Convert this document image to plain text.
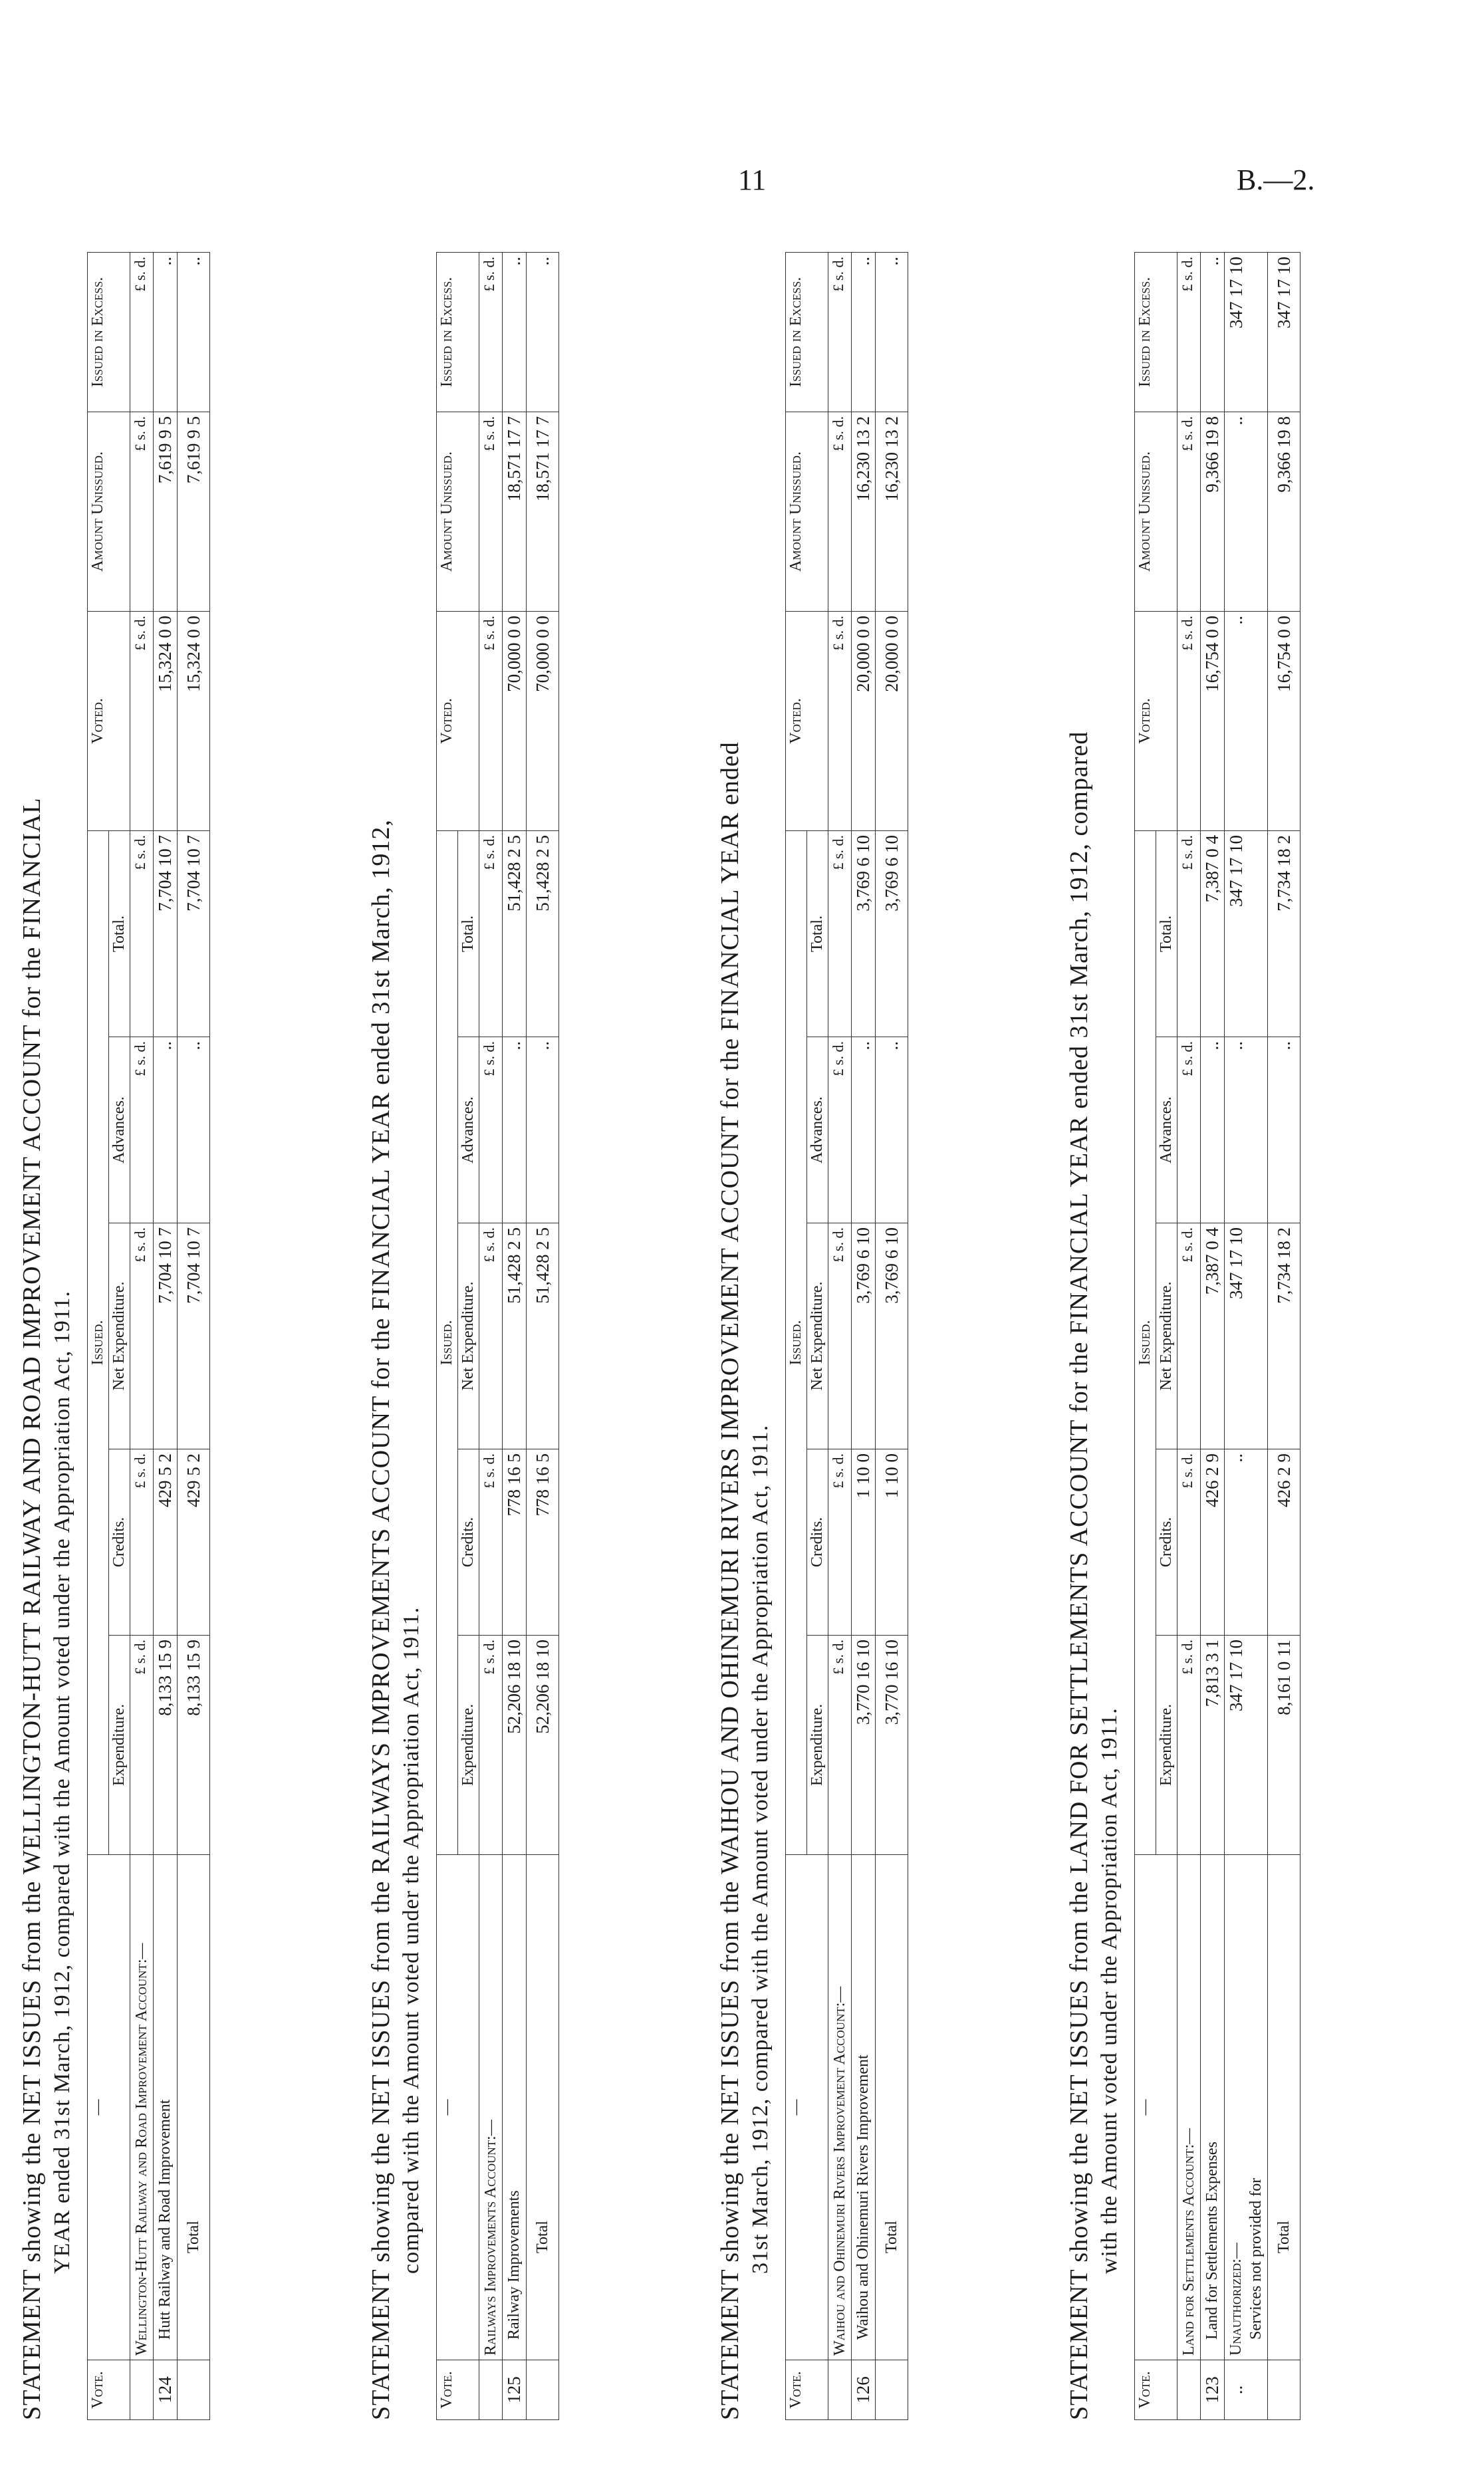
11	B.—2.
STATEMENT showing the NET ISSUES from the WELLINGTON-HUTT RAILWAY AND ROAD IMPROVEMENT ACCOUNT for the FINANCIAL YEAR ended 31st March, 1912, compared with the Amount voted under the Appropriation Act, 1911.
Vote.	—	Issued.					Voted.	Amount Unissued.	Issued in Excess.
		Expenditure.	Credits.	Net Expenditure.	Advances.	Total.			
	Wellington-Hutt Railway and Road Improvement Account:—	£ s. d.	£ s. d.	£ s. d.	£ s. d.	£ s. d.	£ s. d.	£ s. d.	£ s. d.
124	Hutt Railway and Road Improvement	8,133 15 9	429 5 2	7,704 10 7	..	7,704 10 7	15,324 0 0	7,619 9 5	..
	Total	8,133 15 9	429 5 2	7,704 10 7	..	7,704 10 7	15,324 0 0	7,619 9 5	..
STATEMENT showing the NET ISSUES from the RAILWAYS IMPROVEMENTS ACCOUNT for the FINANCIAL YEAR ended 31st March, 1912, compared with the Amount voted under the Appropriation Act, 1911.
Vote.	—	Issued.					Voted.	Amount Unissued.	Issued in Excess.
		Expenditure.	Credits.	Net Expenditure.	Advances.	Total.			
	Railways Improvements Account:—	£ s. d.	£ s. d.	£ s. d.	£ s. d.	£ s. d.	£ s. d.	£ s. d.	£ s. d.
125	Railway Improvements	52,206 18 10	778 16 5	51,428 2 5	..	51,428 2 5	70,000 0 0	18,571 17 7	..
	Total	52,206 18 10	778 16 5	51,428 2 5	..	51,428 2 5	70,000 0 0	18,571 17 7	..
STATEMENT showing the NET ISSUES from the WAIHOU AND OHINEMURI RIVERS IMPROVEMENT ACCOUNT for the FINANCIAL YEAR ended 31st March, 1912, compared with the Amount voted under the Appropriation Act, 1911.
Vote.	—	Issued.					Voted.	Amount Unissued.	Issued in Excess.
		Expenditure.	Credits.	Net Expenditure.	Advances.	Total.			
	Waihou and Ohinemuri Rivers Improvement Account:—	£ s. d.	£ s. d.	£ s. d.	£ s. d.	£ s. d.	£ s. d.	£ s. d.	£ s. d.
126	Waihou and Ohinemuri Rivers Improvement	3,770 16 10	1 10 0	3,769 6 10	..	3,769 6 10	20,000 0 0	16,230 13 2	..
	Total	3,770 16 10	1 10 0	3,769 6 10	..	3,769 6 10	20,000 0 0	16,230 13 2	..
STATEMENT showing the NET ISSUES from the LAND FOR SETTLEMENTS ACCOUNT for the FINANCIAL YEAR ended 31st March, 1912, compared with the Amount voted under the Appropriation Act, 1911.
Vote.	—	Issued.					Voted.	Amount Unissued.	Issued in Excess.
		Expenditure.	Credits.	Net Expenditure.	Advances.	Total.			
	Land for Settlements Account:—	£ s. d.	£ s. d.	£ s. d.	£ s. d.	£ s. d.	£ s. d.	£ s. d.	£ s. d.
123	Land for Settlements Expenses	7,813 3 1	426 2 9	7,387 0 4	..	7,387 0 4	16,754 0 0	9,366 19 8	..
..	Unauthorized:— Services not provided for	347 17 10	..	347 17 10	..	347 17 10	..	..	347 17 10
	Total	8,161 0 11	426 2 9	7,734 18 2	..	7,734 18 2	16,754 0 0	9,366 19 8	347 17 10
